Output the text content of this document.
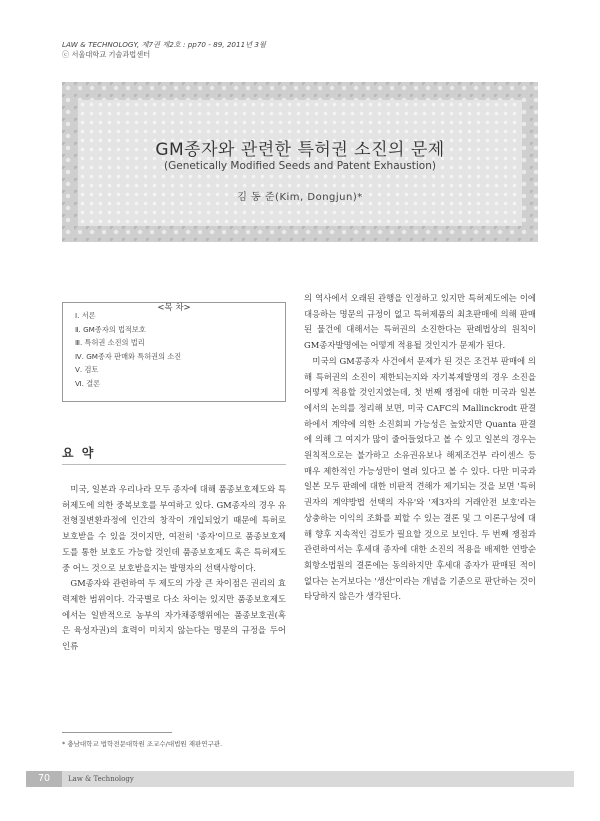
LAW & TECHNOLOGY, 제7권 제2호 : pp70 - 89, 2011년 3월
ⓒ 서울대학교 기술과법센터
GM종자와 관련한 특허권 소진의 문제
(Genetically Modified Seeds and Patent Exhaustion)
김 동 준(Kim, Dongjun)*
<목 차>
Ⅰ. 서론
Ⅱ. GM종자의 법적보호
Ⅲ. 특허권 소진의 법리
Ⅳ. GM종자 판매와 특허권의 소진
Ⅴ. 검토
Ⅵ. 결론
요 약

미국, 일본과 우리나라 모두 종자에 대해 품종보호제도와 특허제도에 의한 중복보호를 부여하고 있다. GM종자의 경우 유전형질변환과정에 인간의 창작이 개입되었기 때문에 특허로 보호받을 수 있을 것이지만, 여전히 '종자'이므로 품종보호제도를 통한 보호도 가능할 것인데 품종보호제도 혹은 특허제도 중 어느 것으로 보호받을지는 발명자의 선택사항이다.

GM종자와 관련하여 두 제도의 가장 큰 차이점은 권리의 효력제한 범위이다. 각국별로 다소 차이는 있지만 품종보호제도에서는 일반적으로 농부의 자가채종행위에는 품종보호권(혹은 육성자권)의 효력이 미치지 않는다는 명문의 규정을 두어 인류

의 역사에서 오래된 관행을 인정하고 있지만 특허제도에는 이에 대응하는 명문의 규정이 없고 특허제품의 최초판매에 의해 판매된 물건에 대해서는 특허권의 소진한다는 판례법상의 원칙이 GM종자발명에는 어떻게 적용될 것인지가 문제가 된다.

미국의 GM콩종자 사건에서 문제가 된 것은 조건부 판매에 의해 특허권의 소진이 제한되는지와 자기복제발명의 경우 소진을 어떻게 적용할 것인지였는데, 첫 번째 쟁점에 대한 미국과 일본에서의 논의를 정리해 보면, 미국 CAFC의 Mallinckrodt 판결 하에서 계약에 의한 소진회피 가능성은 높았지만 Quanta 판결에 의해 그 여지가 많이 줄어들었다고 볼 수 있고 일본의 경우는 원칙적으로는 불가하고 소유권유보나 해제조건부 라이센스 등 매우 제한적인 가능성만이 열려 있다고 볼 수 있다. 다만 미국과 일본 모두 판례에 대한 비판적 견해가 제기되는 것을 보면 '특허권자의 계약방법 선택의 자유'와 '제3자의 거래안전 보호'라는 상충하는 이익의 조화를 꾀할 수 있는 결론 및 그 이론구성에 대해 향후 지속적인 검토가 필요할 것으로 보인다. 두 번째 쟁점과 관련하여서는 후세대 종자에 대한 소진의 적용을 배제한 연방순회항소법원의 결론에는 동의하지만 후세대 종자가 판매된 적이 없다는 논거보다는 '생산'이라는 개념을 기준으로 판단하는 것이 타당하지 않은가 생각된다.

* 충남대학교 법학전문대학원 조교수/대법원 재판연구관.
70	Law & Technology
